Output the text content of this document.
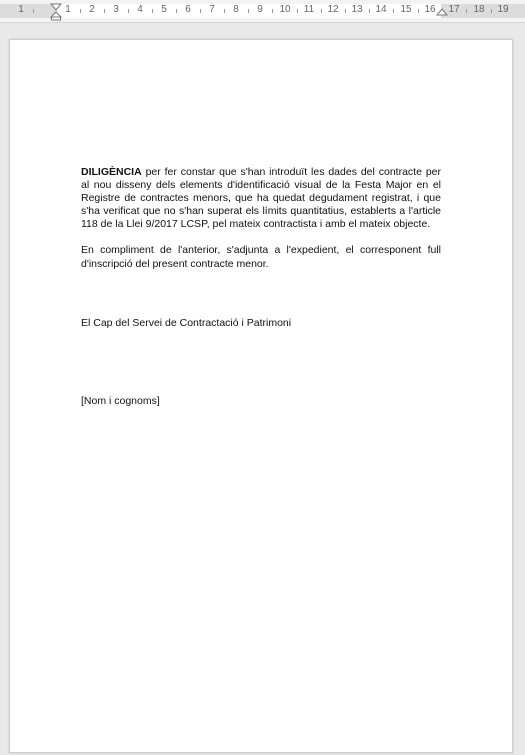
1	1 2 3 4 5 6 7 8 9 10 11 12 13 14 15 16 17 18 19

DILIGÈNCIA per fer constar que s'han introduït les dades del contracte per al nou disseny dels elements d'identificació visual de la Festa Major en el Registre de contractes menors, que ha quedat degudament registrat, i que s'ha verificat que no s'han superat els límits quantitatius, establerts a l'article 118 de la Llei 9/2017 LCSP, pel mateix contractista i amb el mateix objecte.

En compliment de l'anterior, s'adjunta a l'expedient, el corresponent full d'inscripció del present contracte menor.

El Cap del Servei de Contractació i Patrimoni
[Nom i cognoms]
